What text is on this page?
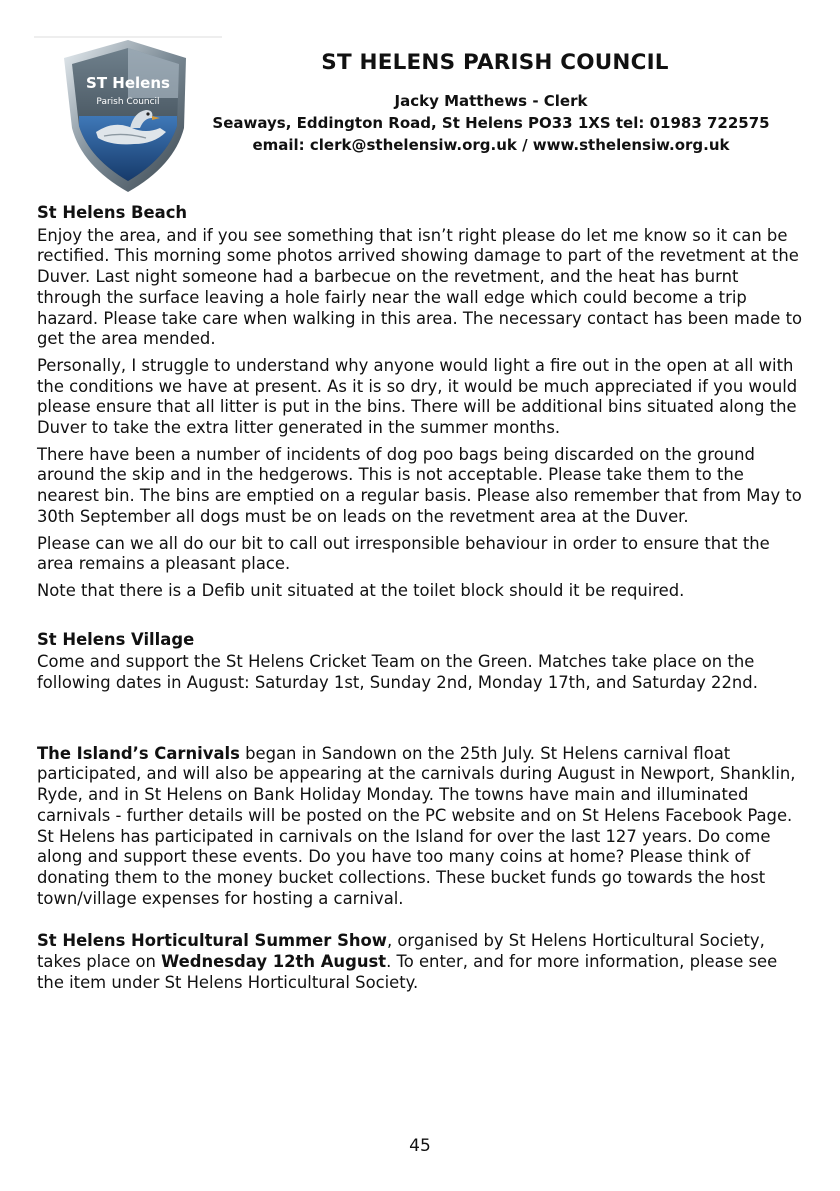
ST Helens
Parish Council
ST HELENS PARISH COUNCIL
Jacky Matthews - Clerk
Seaways, Eddington Road, St Helens PO33 1XS tel: 01983 722575
email: clerk@sthelensiw.org.uk / www.sthelensiw.org.uk
St Helens Beach

Enjoy the area, and if you see something that isn’t right please do let me know so it can be rectified. This morning some photos arrived showing damage to part of the revetment at the Duver. Last night someone had a barbecue on the revetment, and the heat has burnt through the surface leaving a hole fairly near the wall edge which could become a trip hazard. Please take care when walking in this area. The necessary contact has been made to get the area mended.

Personally, I struggle to understand why anyone would light a fire out in the open at all with the conditions we have at present. As it is so dry, it would be much appreciated if you would please ensure that all litter is put in the bins. There will be additional bins situated along the Duver to take the extra litter generated in the summer months.

There have been a number of incidents of dog poo bags being discarded on the ground around the skip and in the hedgerows. This is not acceptable. Please take them to the nearest bin. The bins are emptied on a regular basis. Please also remember that from May to 30th September all dogs must be on leads on the revetment area at the Duver.

Please can we all do our bit to call out irresponsible behaviour in order to ensure that the area remains a pleasant place.

Note that there is a Defib unit situated at the toilet block should it be required.

St Helens Village

Come and support the St Helens Cricket Team on the Green. Matches take place on the following dates in August: Saturday 1st, Sunday 2nd, Monday 17th, and Saturday 22nd.

The Island’s Carnivals began in Sandown on the 25th July. St Helens carnival float participated, and will also be appearing at the carnivals during August in Newport, Shanklin, Ryde, and in St Helens on Bank Holiday Monday. The towns have main and illuminated carnivals - further details will be posted on the PC website and on St Helens Facebook Page. St Helens has participated in carnivals on the Island for over the last 127 years. Do come along and support these events. Do you have too many coins at home? Please think of donating them to the money bucket collections. These bucket funds go towards the host town/village expenses for hosting a carnival.

St Helens Horticultural Summer Show, organised by St Helens Horticultural Society, takes place on Wednesday 12th August. To enter, and for more information, please see the item under St Helens Horticultural Society.

45
